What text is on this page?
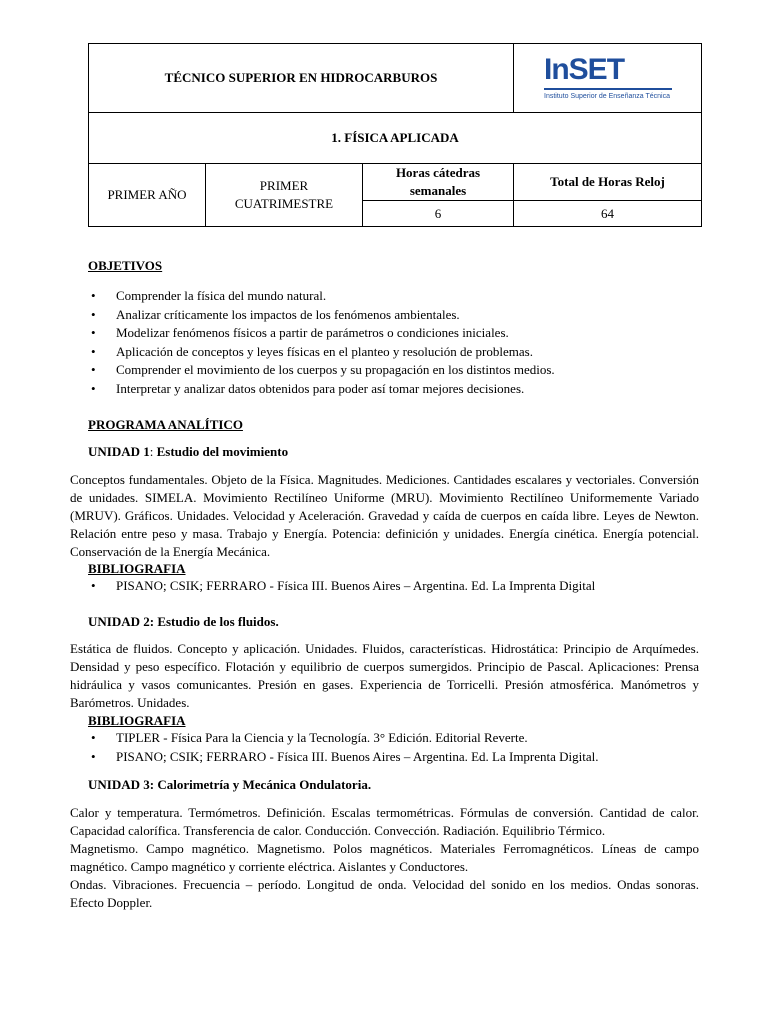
TÉCNICO SUPERIOR EN HIDROCARBUROS			InSET
Instituto Superior de Enseñanza Técnica

1. FÍSICA APLICADA			
PRIMER AÑO	PRIMER CUATRIMESTRE	Horas cátedras semanales	Total de Horas Reloj
		6	64
OBJETIVOS
• Comprender la física del mundo natural.
• Analizar críticamente los impactos de los fenómenos ambientales.
• Modelizar fenómenos físicos a partir de parámetros o condiciones iniciales.
• Aplicación de conceptos y leyes físicas en el planteo y resolución de problemas.
• Comprender el movimiento de los cuerpos y su propagación en los distintos medios.
• Interpretar y analizar datos obtenidos para poder así tomar mejores decisiones.
PROGRAMA ANALÍTICO
UNIDAD 1: Estudio del movimiento
Conceptos fundamentales. Objeto de la Física. Magnitudes. Mediciones. Cantidades escalares y vectoriales. Conversión de unidades. SIMELA. Movimiento Rectilíneo Uniforme (MRU). Movimiento Rectilíneo Uniformemente Variado (MRUV). Gráficos. Unidades. Velocidad y Aceleración. Gravedad y caída de cuerpos en caída libre. Leyes de Newton. Relación entre peso y masa. Trabajo y Energía. Potencia: definición y unidades. Energía cinética. Energía potencial. Conservación de la Energía Mecánica.
BIBLIOGRAFIA
• PISANO; CSIK; FERRARO - Física III. Buenos Aires – Argentina. Ed. La Imprenta Digital
UNIDAD 2: Estudio de los fluidos.
Estática de fluidos. Concepto y aplicación. Unidades. Fluidos, características. Hidrostática: Principio de Arquímedes. Densidad y peso específico. Flotación y equilibrio de cuerpos sumergidos. Principio de Pascal. Aplicaciones: Prensa hidráulica y vasos comunicantes. Presión en gases. Experiencia de Torricelli. Presión atmosférica. Manómetros y Barómetros. Unidades.
BIBLIOGRAFIA
• TIPLER - Física Para la Ciencia y la Tecnología. 3° Edición. Editorial Reverte.
• PISANO; CSIK; FERRARO - Física III. Buenos Aires – Argentina. Ed. La Imprenta Digital.
UNIDAD 3: Calorimetría y Mecánica Ondulatoria.
Calor y temperatura. Termómetros. Definición. Escalas termométricas. Fórmulas de conversión. Cantidad de calor. Capacidad calorífica. Transferencia de calor. Conducción. Convección. Radiación. Equilibrio Térmico.
Magnetismo. Campo magnético. Magnetismo. Polos magnéticos. Materiales Ferromagnéticos. Líneas de campo magnético. Campo magnético y corriente eléctrica. Aislantes y Conductores.
Ondas. Vibraciones. Frecuencia – período. Longitud de onda. Velocidad del sonido en los medios. Ondas sonoras. Efecto Doppler.
